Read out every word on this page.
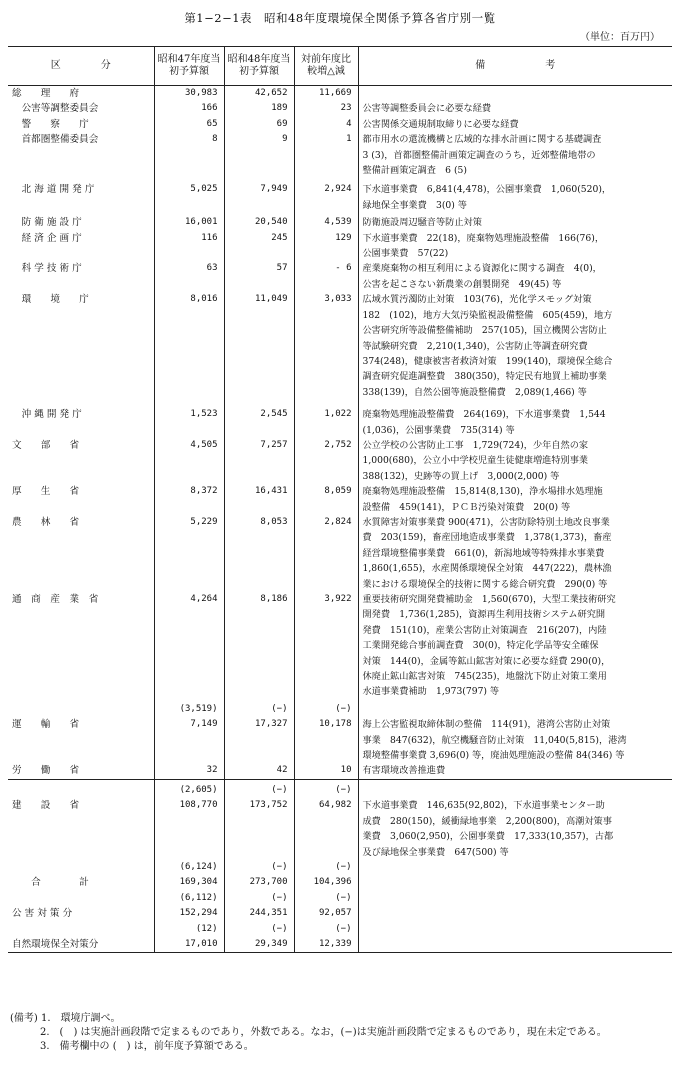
第1−2−1表　昭和48年度環境保全関係予算各省庁別一覧
（単位：百万円）
区　　　　分	昭和47年度当初予算額	昭和48年度当初予算額	対前年度比較増△減	備　　　　　　考
総　　理　　府	30,983	42,652	11,669	
　公害等調整委員会	166	189	23	公害等調整委員会に必要な経費
　警　　察　　庁	65	69	4	公害関係交通規制取締りに必要な経費
　首都圏整備委員会	8	9	1	都市用水の還流機構と広域的な排水計画に関する基礎調査
				3 (3)，首都圏整備計画策定調査のうち，近郊整備地帯の
				整備計画策定調査　6 (5)

　北 海 道 開 発 庁	5,025	7,949	2,924	下水道事業費　6,841(4,478)，公園事業費　1,060(520)，
				緑地保全事業費　3(0) 等

　防 衛 施 設 庁	16,001	20,540	4,539	防衛施設周辺騒音等防止対策
　経 済 企 画 庁	116	245	129	下水道事業費　22(18)，廃棄物処理施設整備　166(76)，
				公園事業費　57(22)
　科 学 技 術 庁	63	57	- 6	産業廃棄物の相互利用による資源化に関する調査　4(0)，
				公害を起こさない新農業の創製開発　49(45) 等
　環　　境　　庁	8,016	11,049	3,033	広域水質汚濁防止対策　103(76)，光化学スモッグ対策
				182　(102)，地方大気汚染監視設備整備　605(459)，地方
				公害研究所等設備整備補助　257(105)，国立機関公害防止
				等試験研究費　2,210(1,340)，公害防止等調査研究費
				374(248)，健康被害者救済対策　199(140)，環境保全総合
				調査研究促進調整費　380(350)，特定民有地買上補助事業
				338(139)，自然公園等施設整備費　2,089(1,466) 等

　沖 縄 開 発 庁	1,523	2,545	1,022	廃棄物処理施設整備費　264(169)，下水道事業費　1,544
				(1,036)，公園事業費　735(314) 等
文　　部　　省	4,505	7,257	2,752	公立学校の公害防止工事　1,729(724)，少年自然の家
				1,000(680)，公立小中学校児童生徒健康増進特別事業
				388(132)，史跡等の買上げ　3,000(2,000) 等
厚　　生　　省	8,372	16,431	8,059	廃棄物処理施設整備　15,814(8,130)，浄水場排水処理施
				設整備　459(141)，ＰＣＢ汚染対策費　20(0) 等
農　　林　　省	5,229	8,053	2,824	水質障害対策事業費 900(471)，公害防除特別土地改良事業
				費　203(159)，畜産団地造成事業費　1,378(1,373)，畜産
				経営環境整備事業費　661(0)，新潟地域等特殊排水事業費
				1,860(1,655)，水産関係環境保全対策　447(222)，農林漁
				業における環境保全的技術に関する総合研究費　290(0) 等
通　商　産　業　省	4,264	8,186	3,922	重要技術研究開発費補助金　1,560(670)，大型工業技術研究
				開発費　1,736(1,285)，資源再生利用技術システム研究開
				発費　151(10)，産業公害防止対策調査　216(207)，内陸
				工業開発総合事前調査費　30(0)，特定化学品等安全確保
				対策　144(0)，金属等鉱山鉱害対策に必要な経費 290(0)，
				休廃止鉱山鉱害対策　745(235)，地盤沈下防止対策工業用
				水道事業費補助　1,973(797) 等

	(3,519)	(−)	(−)	
運　　輸　　省	7,149	17,327	10,178	海上公害監視取締体制の整備　114(91)，港湾公害防止対策
				事業　847(632)，航空機騒音防止対策　11,040(5,815)，港湾
				環境整備事業費 3,696(0) 等，廃油処理施設の整備 84(346) 等
労　　働　　省	32	42	10	有害環境改善推進費
	(2,605)	(−)	(−)	
建　　設　　省	108,770	173,752	64,982	下水道事業費　146,635(92,802)，下水道事業センター助
				成費　280(150)，緩衝緑地事業　2,200(800)，高潮対策事
				業費　3,060(2,950)，公園事業費　17,333(10,357)，古都
				及び緑地保全事業費　647(500) 等
	(6,124)	(−)	(−)	
　　合　　　　計	169,304	273,700	104,396	
	(6,112)	(−)	(−)	
公 害 対 策 分	152,294	244,351	92,057	
	(12)	(−)	(−)	
自然環境保全対策分	17,010	29,349	12,339	
(備考) 1.　環境庁調べ。
　　　2.　(　) は実施計画段階で定まるものであり，外数である。なお，(−)は実施計画段階で定まるものであり，現在未定である。
　　　3.　備考欄中の (　) は，前年度予算額である。
